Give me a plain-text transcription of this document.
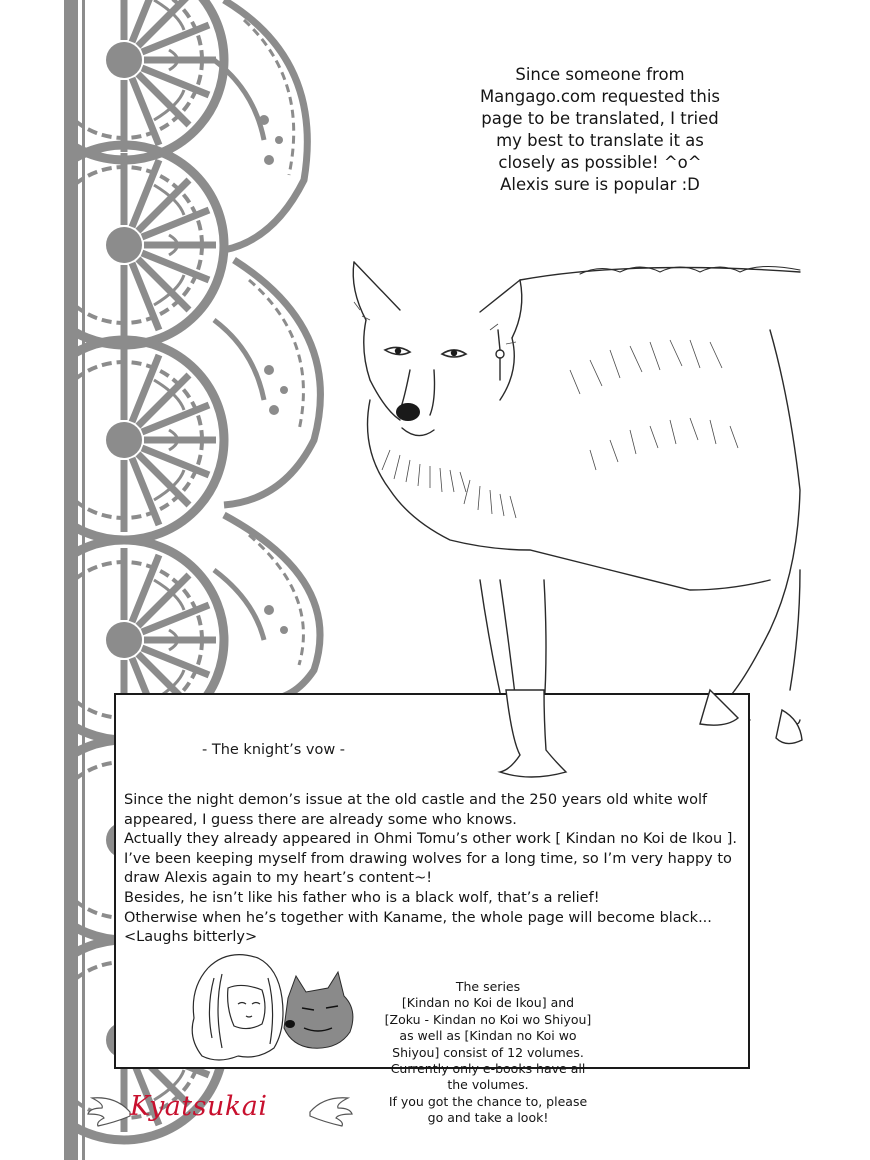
Since someone from
Mangago.com requested this
page to be translated, I tried
my best to translate it as
closely as possible! ^o^
Alexis sure is popular :D
- The knight’s vow -
Since the night demon’s issue at the old castle and the 250 years old white wolf
appeared, I guess there are already some who knows.
Actually they already appeared in Ohmi Tomu’s other work [ Kindan no Koi de Ikou ].
I’ve been keeping myself from drawing wolves for a long time, so I’m very happy to
draw Alexis again to my heart’s content~!
Besides, he isn’t like his father who is a black wolf, that’s a relief!
Otherwise when he’s together with Kaname, the whole page will become black...
<Laughs bitterly>
The series
[Kindan no Koi de Ikou] and
[Zoku - Kindan no Koi wo Shiyou]
as well as [Kindan no Koi wo
Shiyou] consist of 12 volumes.
Currently only e-books have all
the volumes.
If you got the chance to, please
go and take a look!
Kyatsukai
